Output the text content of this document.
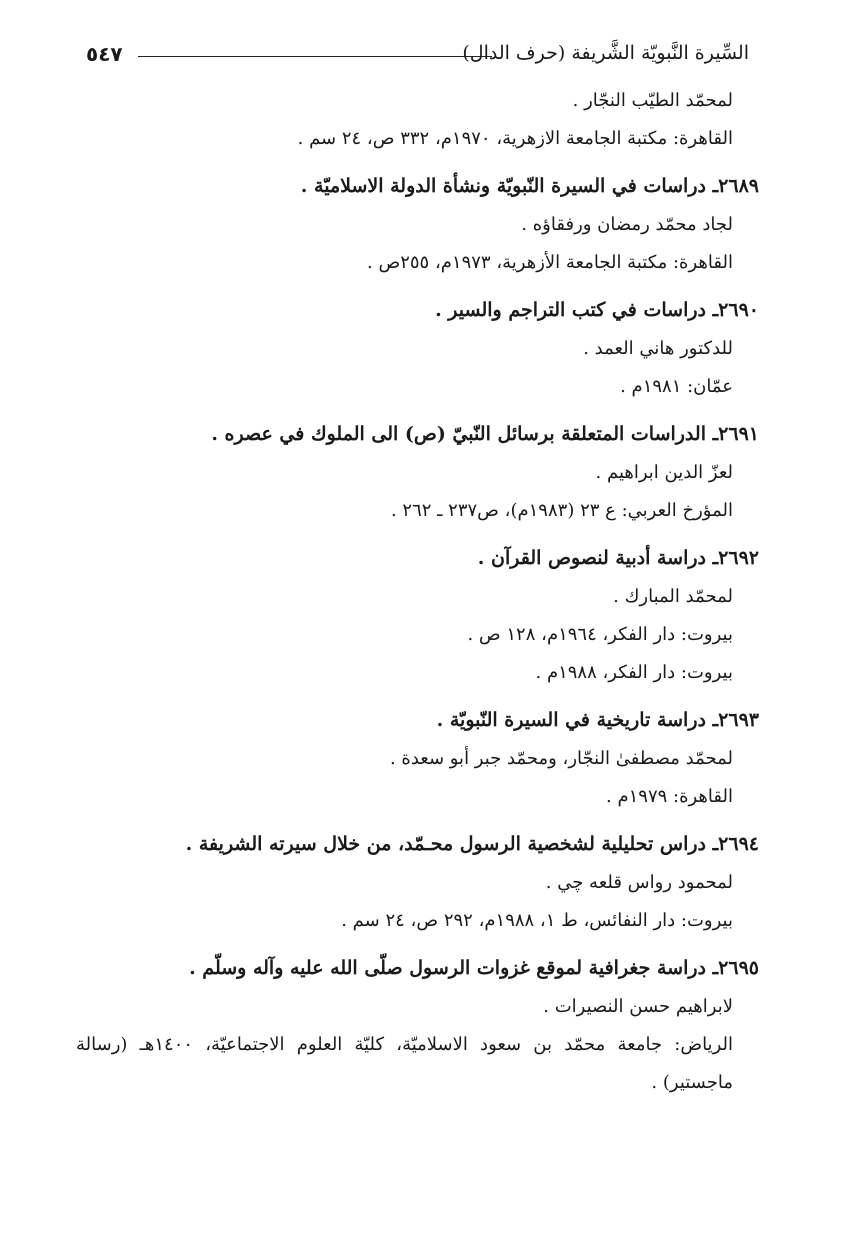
٥٤٧	السِّيرة النَّبويّة الشَّريفة (حرف الدال)
لمحمّد الطيّب النجّار .
القاهرة: مكتبة الجامعة الازهرية، ١٩٧٠م، ٣٣٢ ص، ٢٤ سم .
٢٦٨٩ـ دراسات في السيرة النّبويّة ونشأة الدولة الاسلاميّة .
لجاد محمّد رمضان ورفقاؤه .
القاهرة: مكتبة الجامعة الأزهرية، ١٩٧٣م، ٢٥٥ص .
٢٦٩٠ـ دراسات في كتب التراجم والسير .
للدكتور هاني العمد .
عمّان: ١٩٨١م .
٢٦٩١ـ الدراسات المتعلقة برسائل النّبيّ (ص) الى الملوك في عصره .
لعزّ الدين ابراهيم .
المؤرخ العربي: ع ٢٣ (١٩٨٣م)، ص٢٣٧ ـ ٢٦٢ .
٢٦٩٢ـ دراسة أدبية لنصوص القرآن .
لمحمّد المبارك .
بيروت: دار الفكر، ١٩٦٤م، ١٢٨ ص .
بيروت: دار الفكر، ١٩٨٨م .
٢٦٩٣ـ دراسة تاريخية في السيرة النّبويّة .
لمحمّد مصطفىٰ النجّار، ومحمّد جبر أبو سعدة .
القاهرة: ١٩٧٩م .
٢٦٩٤ـ دراس تحليلية لشخصية الرسول محـمّد، من خلال سيرته الشريفة .
لمحمود رواس قلعه چي .
بيروت: دار النفائس، ط ١، ١٩٨٨م، ٢٩٢ ص، ٢٤ سم .
٢٦٩٥ـ دراسة جغرافية لموقع غزوات الرسول صلّى الله عليه وآله وسلّم .
لابراهيم حسن النصيرات .
الرياض: جامعة محمّد بن سعود الاسلاميّة، كليّة العلوم الاجتماعيّة، ١٤٠٠هـ (رسالة ماجستير) .
